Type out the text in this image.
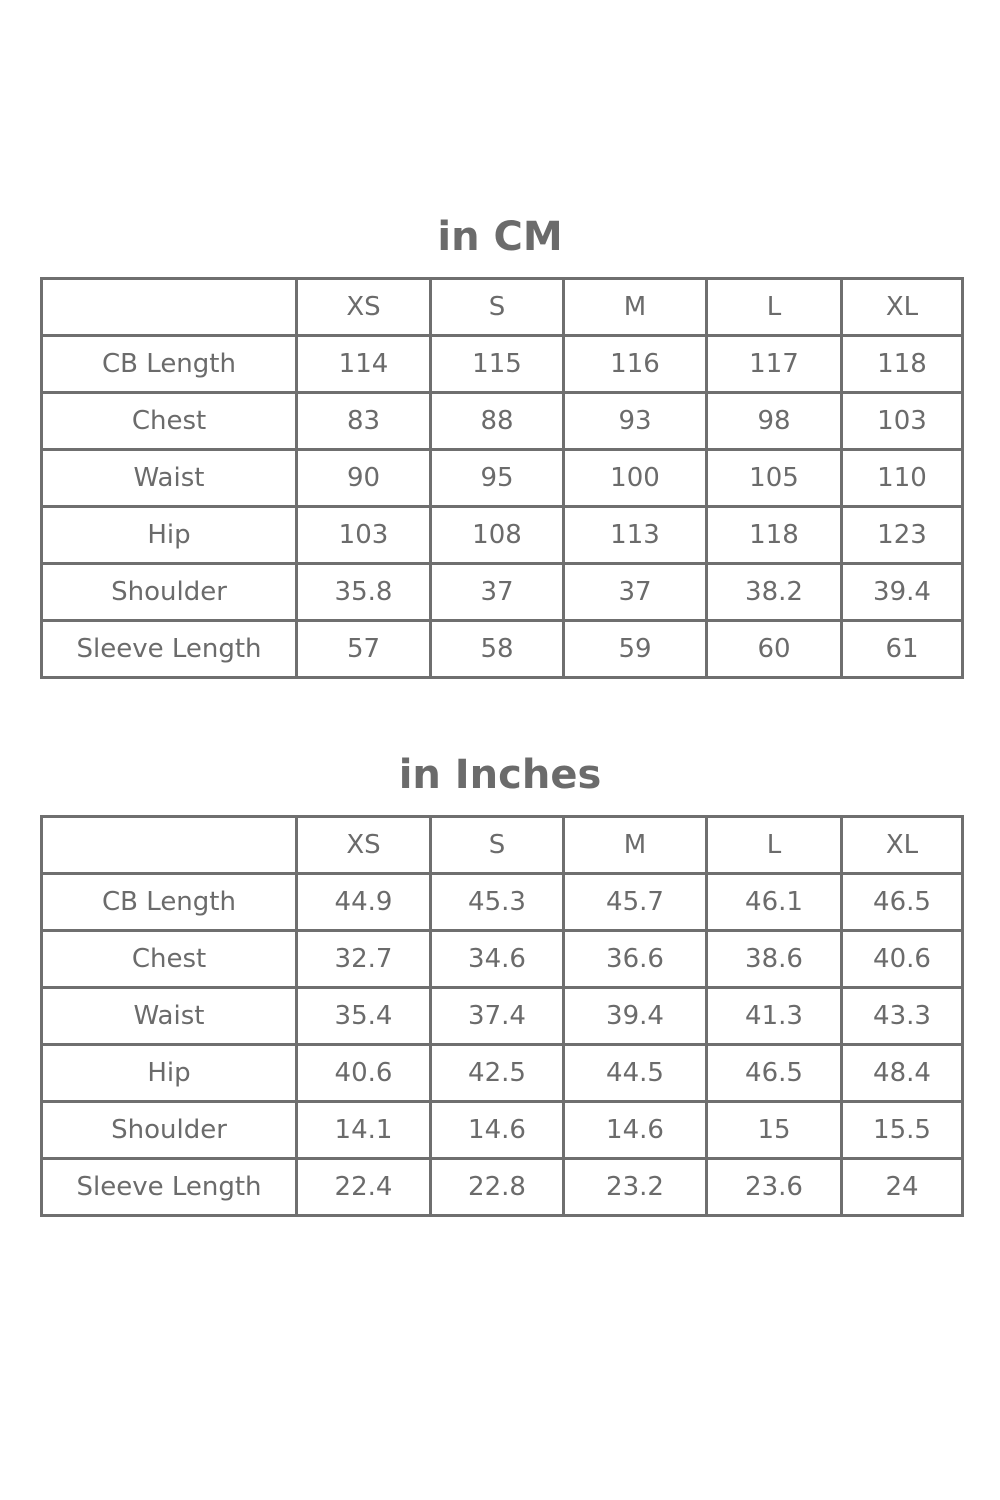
in CM
	XS	S	M	L	XL
CB Length	114	115	116	117	118
Chest	83	88	93	98	103
Waist	90	95	100	105	110
Hip	103	108	113	118	123
Shoulder	35.8	37	37	38.2	39.4
Sleeve Length	57	58	59	60	61
in Inches
	XS	S	M	L	XL
CB Length	44.9	45.3	45.7	46.1	46.5
Chest	32.7	34.6	36.6	38.6	40.6
Waist	35.4	37.4	39.4	41.3	43.3
Hip	40.6	42.5	44.5	46.5	48.4
Shoulder	14.1	14.6	14.6	15	15.5
Sleeve Length	22.4	22.8	23.2	23.6	24
